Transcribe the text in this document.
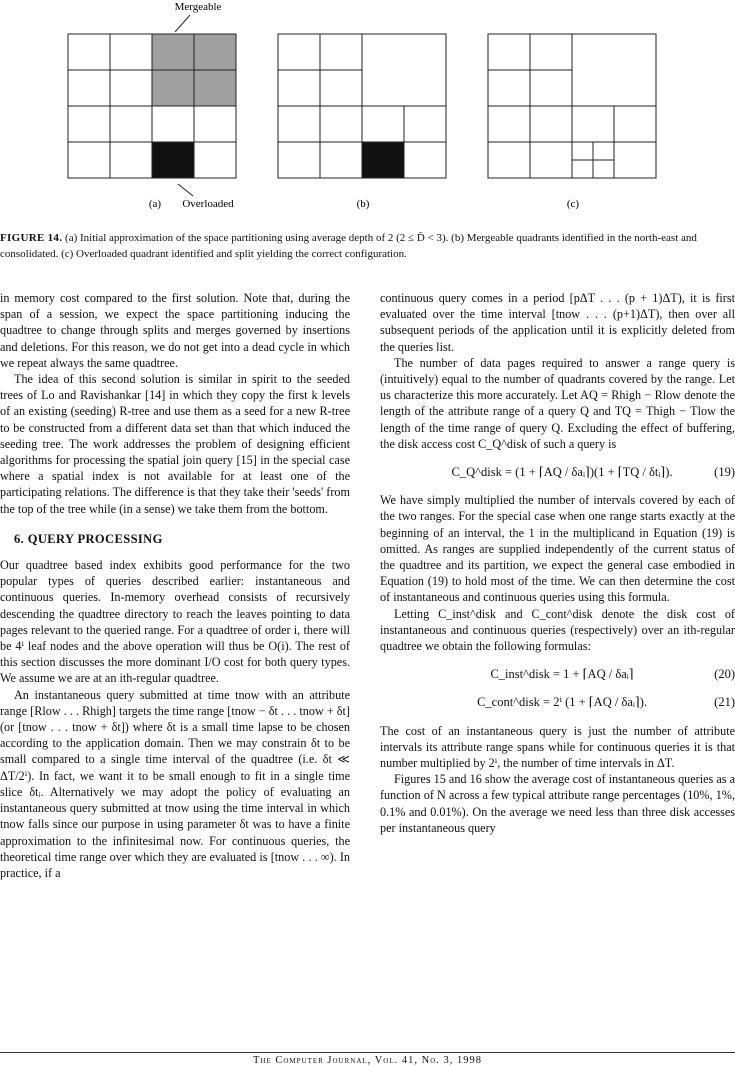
Mergeable
(a) Overloaded	(b)	(c)
FIGURE 14. (a) Initial approximation of the space partitioning using average depth of 2 (2 ≤ D̄ < 3). (b) Mergeable quadrants identified in the north-east and consolidated. (c) Overloaded quadrant identified and split yielding the correct configuration.

in memory cost compared to the first solution. Note that, during the span of a session, we expect the space partitioning inducing the quadtree to change through splits and merges governed by insertions and deletions. For this reason, we do not get into a dead cycle in which we repeat always the same quadtree.

The idea of this second solution is similar in spirit to the seeded trees of Lo and Ravishankar [14] in which they copy the first k levels of an existing (seeding) R-tree and use them as a seed for a new R-tree to be constructed from a different data set than that which induced the seeding tree. The work addresses the problem of designing efficient algorithms for processing the spatial join query [15] in the special case where a spatial index is not available for at least one of the participating relations. The difference is that they take their 'seeds' from the top of the tree while (in a sense) we take them from the bottom.

6. QUERY PROCESSING

Our quadtree based index exhibits good performance for the two popular types of queries described earlier: instantaneous and continuous queries. In-memory overhead consists of recursively descending the quadtree directory to reach the leaves pointing to data pages relevant to the queried range. For a quadtree of order i, there will be 4ⁱ leaf nodes and the above operation will thus be O(i). The rest of this section discusses the more dominant I/O cost for both query types. We assume we are at an ith-regular quadtree.

An instantaneous query submitted at time tnow with an attribute range [Rlow . . . Rhigh] targets the time range [tnow − δt . . . tnow + δt] (or [tnow . . . tnow + δt]) where δt is a small time lapse to be chosen according to the application domain. Then we may constrain δt to be small compared to a single time interval of the quadtree (i.e. δt ≪ ΔT/2ⁱ). In fact, we want it to be small enough to fit in a single time slice δtᵢ. Alternatively we may adopt the policy of evaluating an instantaneous query submitted at tnow using the time interval in which tnow falls since our purpose in using parameter δt was to have a finite approximation to the infinitesimal now. For continuous queries, the theoretical time range over which they are evaluated is [tnow . . . ∞). In practice, if a

continuous query comes in a period [pΔT . . . (p + 1)ΔT), it is first evaluated over the time interval [tnow . . . (p+1)ΔT), then over all subsequent periods of the application until it is explicitly deleted from the queries list.

The number of data pages required to answer a range query is (intuitively) equal to the number of quadrants covered by the range. Let us characterize this more accurately. Let AQ = Rhigh − Rlow denote the length of the attribute range of a query Q and TQ = Thigh − Tlow the length of the time range of query Q. Excluding the effect of buffering, the disk access cost C_Q^disk of such a query is

C_Q^disk = (1 + ⌈AQ / δaᵢ⌉)(1 + ⌈TQ / δtᵢ⌉).	(19)

We have simply multiplied the number of intervals covered by each of the two ranges. For the special case when one range starts exactly at the beginning of an interval, the 1 in the multiplicand in Equation (19) is omitted. As ranges are supplied independently of the current status of the quadtree and its partition, we expect the general case embodied in Equation (19) to hold most of the time. We can then determine the cost of instantaneous and continuous queries using this formula.

Letting C_inst^disk and C_cont^disk denote the disk cost of instantaneous and continuous queries (respectively) over an ith-regular quadtree we obtain the following formulas:

C_inst^disk = 1 + ⌈AQ / δaᵢ⌉	(20)
C_cont^disk = 2ⁱ (1 + ⌈AQ / δaᵢ⌉).	(21)

The cost of an instantaneous query is just the number of attribute intervals its attribute range spans while for continuous queries it is that number multiplied by 2ⁱ, the number of time intervals in ΔT.

Figures 15 and 16 show the average cost of instantaneous queries as a function of N across a few typical attribute range percentages (10%, 1%, 0.1% and 0.01%). On the average we need less than three disk accesses per instantaneous query

The Computer Journal, Vol. 41, No. 3, 1998
